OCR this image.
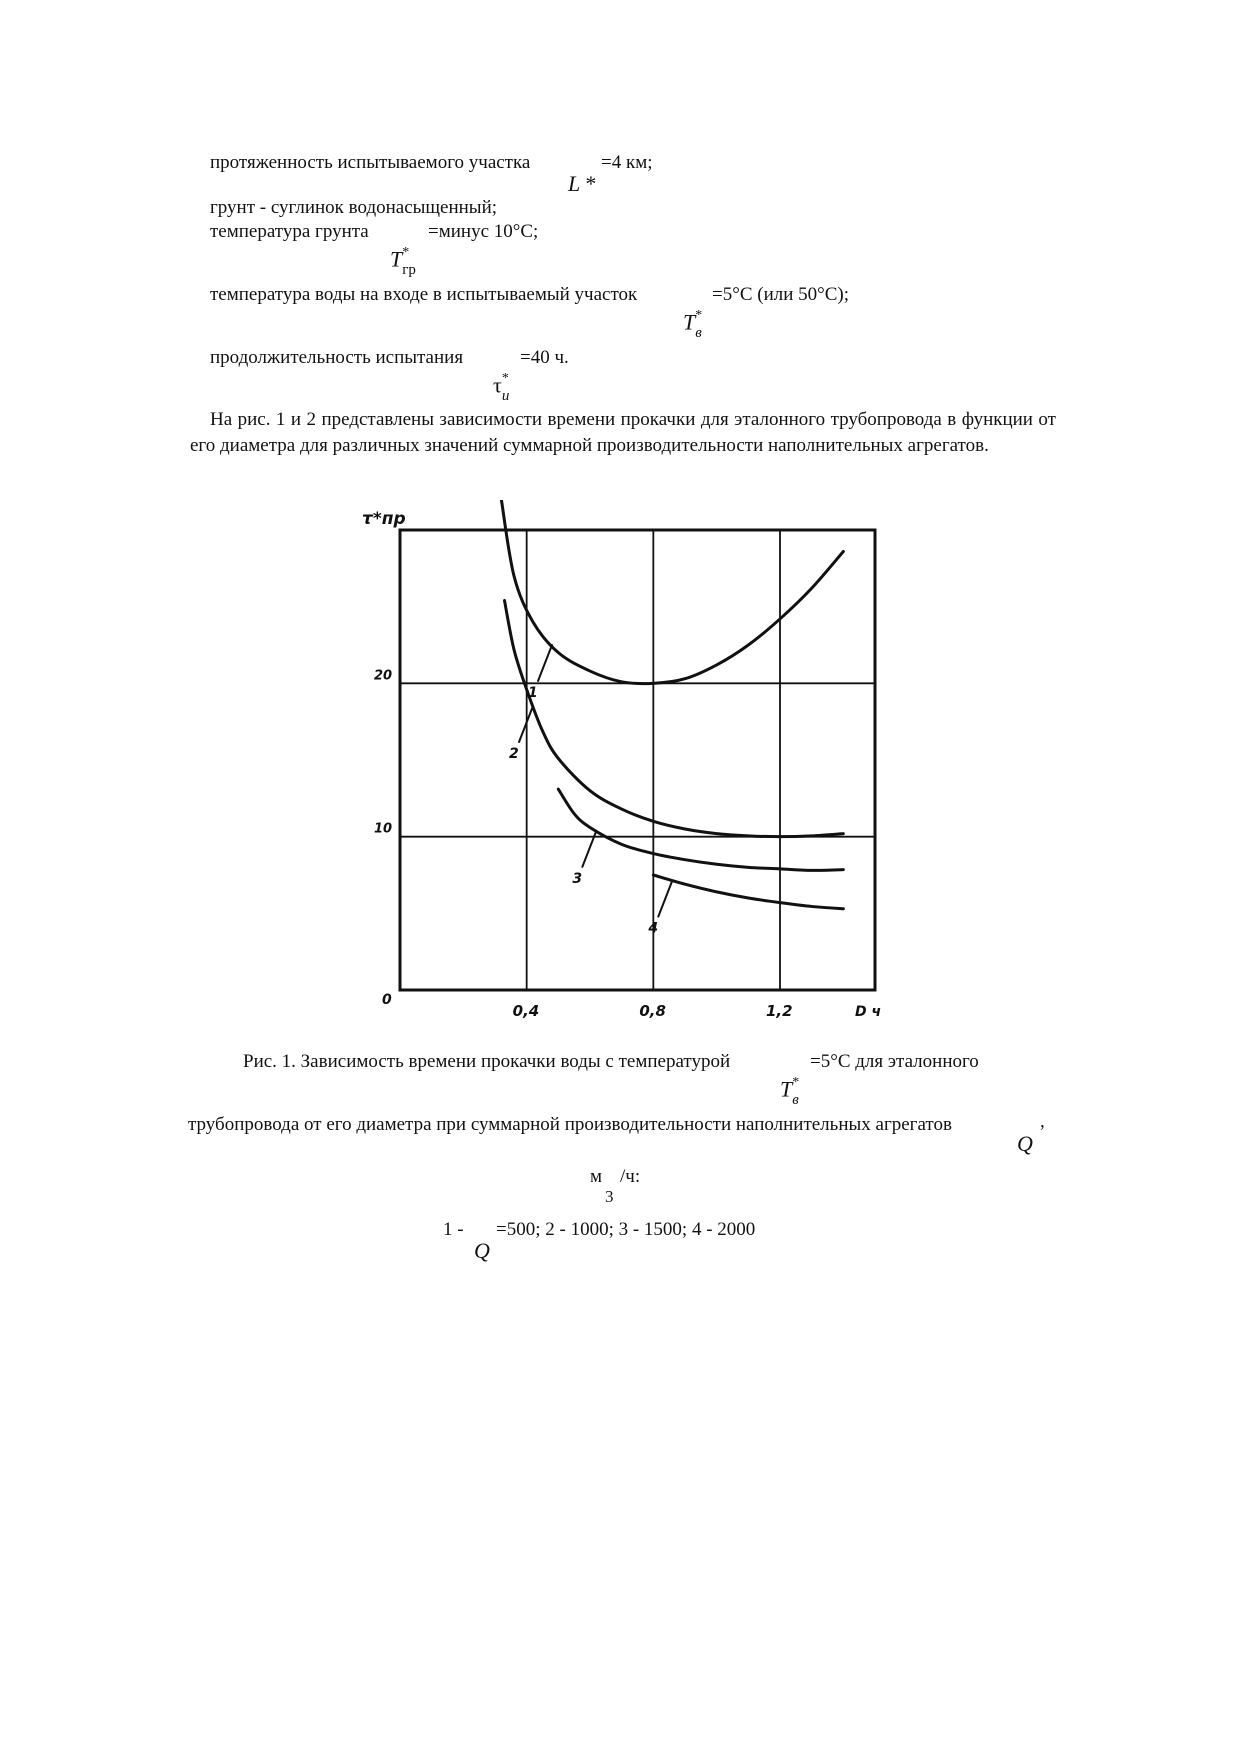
протяженность испытываемого участка
L *
=4 км;
грунт - суглинок водонасыщенный;
температура грунта	=минус 10°С;
$T^*_{гр}$
температура воды на входе в испытываемый участок	=5°С (или 50°С);
$T^*_в$
продолжительность испытания	=40 ч.
$\tau^*_и$
На рис. 1 и 2 представлены зависимости времени прокачки для эталонного трубопровода в функции от его диаметра для различных значений суммарной производительности наполнительных агрегатов.
0,4	0,8	1,2
10
20
0
τ*пр
D ч
1
2
3
4
Рис. 1. Зависимость времени прокачки воды с температурой	=5°С для эталонного
$T^*_в$
трубопровода от его диаметра при суммарной производительности наполнительных агрегатов
Q
,
м /ч:
3
1 - =500; 2 - 1000; 3 - 1500; 4 - 2000
Q
